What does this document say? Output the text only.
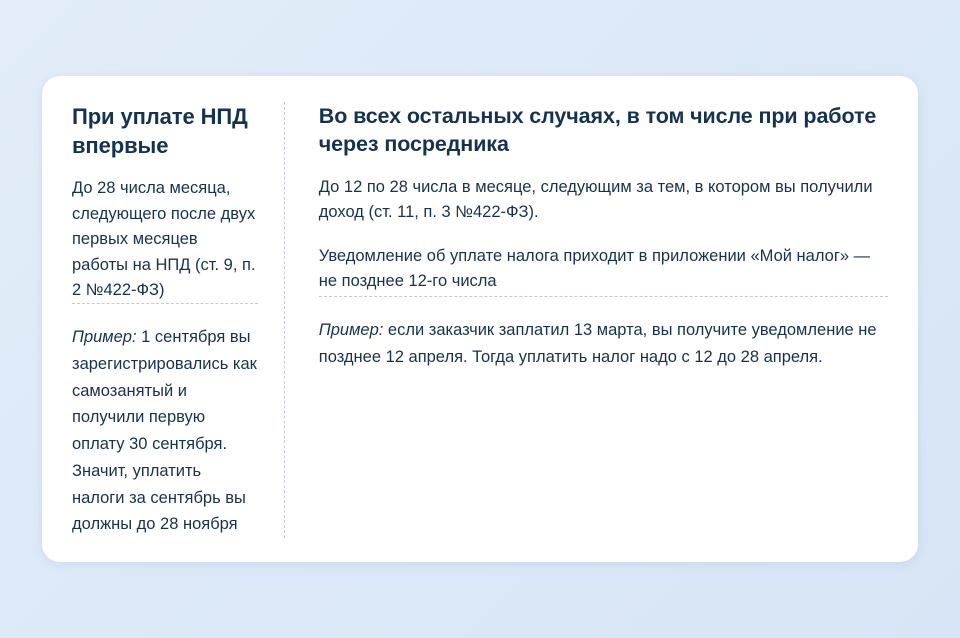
При уплате НПД впервые

До 28 числа месяца, следующего после двух первых месяцев работы на НПД (ст. 9, п. 2 №422-ФЗ)

Пример: 1 сентября вы зарегистрировались как самозанятый и получили первую оплату 30 сентября. Значит, уплатить налоги за сентябрь вы должны до 28 ноября

Во всех остальных случаях, в том числе при работе через посредника

До 12 по 28 числа в месяце, следующим за тем, в котором вы получили доход (ст. 11, п. 3 №422-ФЗ).

Уведомление об уплате налога приходит в приложении «Мой налог» — не позднее 12-го числа

Пример: если заказчик заплатил 13 марта, вы получите уведомление не позднее 12 апреля. Тогда уплатить налог надо с 12 до 28 апреля.
